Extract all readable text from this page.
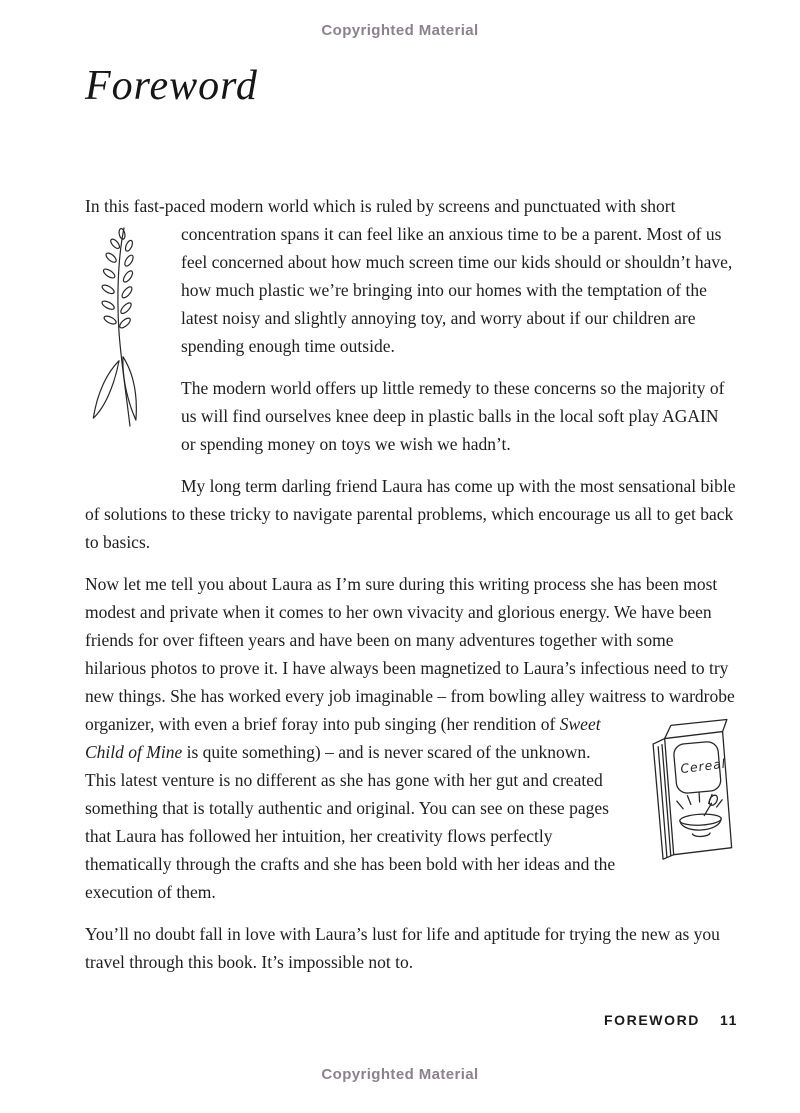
Copyrighted Material
Foreword

In this fast-paced modern world which is ruled by screens and punctuated with short concentration spans it can feel like an anxious time to be a parent.
Most of us feel concerned about how much screen time our kids should or shouldn’t have, how much plastic we’re bringing into our homes with the temptation of the latest noisy and slightly annoying toy, and worry about if our children are spending enough time outside.

The modern world offers up little remedy to these concerns so the majority of us will find ourselves knee deep in plastic balls in the local soft play AGAIN or spending money on toys we wish we hadn’t.

My long term darling friend Laura has come up with the most sensational bible of solutions to these tricky to navigate parental problems, which encourage us all to get back to basics.

Now let me tell you about Laura as I’m sure during this writing process she has been most modest and private when it comes to her own vivacity and glorious energy. We have been friends for over fifteen years and have been on many adventures together with some hilarious photos to prove it. I have always been magnetized to Laura’s infectious need to try new things. She has worked every job imaginable – from bowling alley waitress to wardrobe organizer, with even a
Cereal
brief foray into pub singing (her rendition of Sweet Child of Mine is quite something) – and is never scared of the unknown. This latest venture is no different as she has gone with her gut and created something that is totally authentic and original. You can see on these pages that Laura has followed her intuition, her creativity flows perfectly thematically through the crafts and she has been bold with her ideas and the execution of them.

You’ll no doubt fall in love with Laura’s lust for life and aptitude for trying the new as you travel through this book. It’s impossible not to.

FOREWORD 11
Copyrighted Material
